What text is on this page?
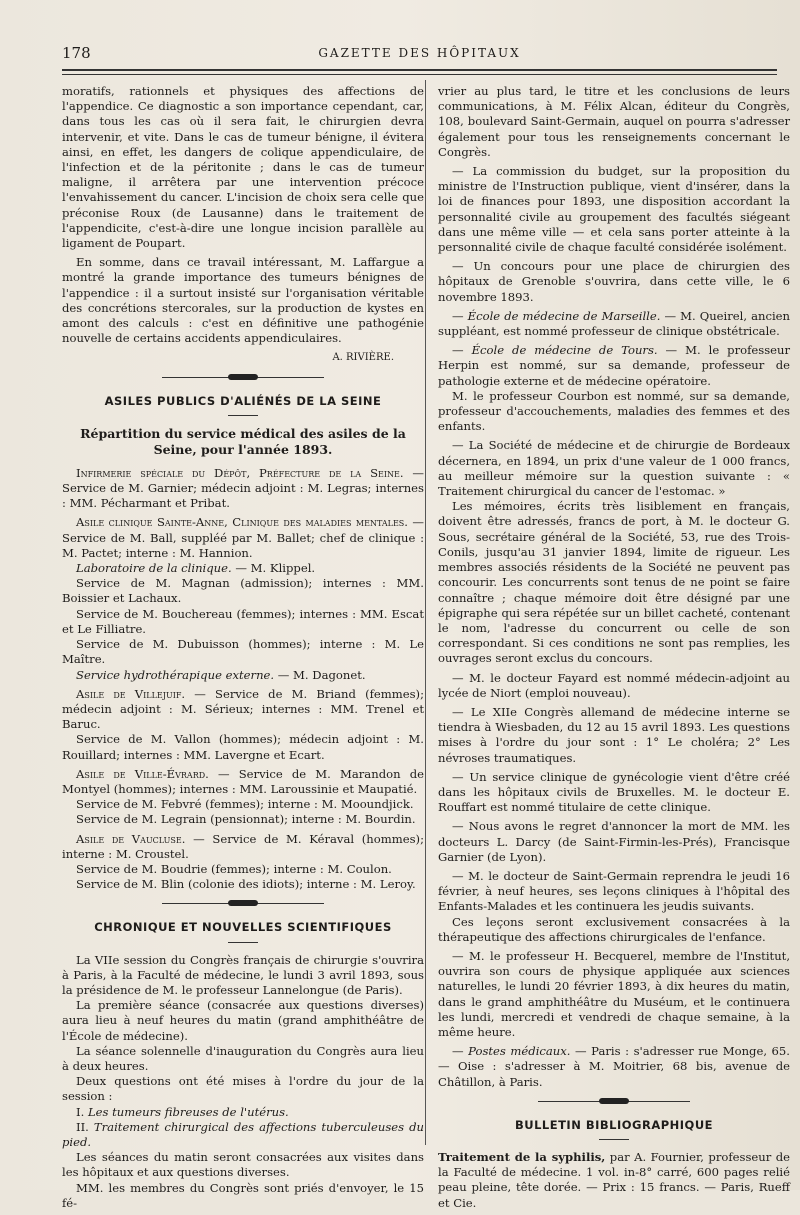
178	GAZETTE DES HÔPITAUX

moratifs, rationnels et physiques des affections de l'appendice. Ce diagnostic a son importance cependant, car, dans tous les cas où il sera fait, le chirurgien devra intervenir, et vite. Dans le cas de tumeur bénigne, il évitera ainsi, en effet, les dangers de colique appendiculaire, de l'infection et de la péritonite ; dans le cas de tumeur maligne, il arrêtera par une intervention précoce l'envahissement du cancer. L'incision de choix sera celle que préconise Roux (de Lausanne) dans le traitement de l'appendicite, c'est-à-dire une longue incision parallèle au ligament de Poupart.

En somme, dans ce travail intéressant, M. Laffargue a montré la grande importance des tumeurs bénignes de l'appendice : il a surtout insisté sur l'organisation véritable des concrétions stercorales, sur la production de kystes en amont des calculs : c'est en définitive une pathogénie nouvelle de certains accidents appendiculaires.

A. RIVIÈRE.
ASILES PUBLICS D'ALIÉNÉS DE LA SEINE
Répartition du service médical des asiles de la Seine, pour l'année 1893.

Infirmerie spéciale du Dépôt, Préfecture de la Seine. — Service de M. Garnier; médecin adjoint : M. Legras; internes : MM. Pécharmant et Pribat.

Asile clinique Sainte-Anne, Clinique des maladies mentales. — Service de M. Ball, suppléé par M. Ballet; chef de clinique : M. Pactet; interne : M. Hannion.

Laboratoire de la clinique. — M. Klippel.

Service de M. Magnan (admission); internes : MM. Boissier et Lachaux.

Service de M. Bouchereau (femmes); internes : MM. Escat et Le Filliatre.

Service de M. Dubuisson (hommes); interne : M. Le Maître.

Service hydrothérapique externe. — M. Dagonet.

Asile de Villejuif. — Service de M. Briand (femmes); médecin adjoint : M. Sérieux; internes : MM. Trenel et Baruc.

Service de M. Vallon (hommes); médecin adjoint : M. Rouillard; internes : MM. Lavergne et Ecart.

Asile de Ville-Évrard. — Service de M. Marandon de Montyel (hommes); internes : MM. Laroussinie et Maupatié.

Service de M. Febvré (femmes); interne : M. Mooundjick.

Service de M. Legrain (pensionnat); interne : M. Bourdin.

Asile de Vaucluse. — Service de M. Kéraval (hommes); interne : M. Croustel.

Service de M. Boudrie (femmes); interne : M. Coulon.

Service de M. Blin (colonie des idiots); interne : M. Leroy.

CHRONIQUE ET NOUVELLES SCIENTIFIQUES

La VIIe session du Congrès français de chirurgie s'ouvrira à Paris, à la Faculté de médecine, le lundi 3 avril 1893, sous la présidence de M. le professeur Lannelongue (de Paris).

La première séance (consacrée aux questions diverses) aura lieu à neuf heures du matin (grand amphithéâtre de l'École de médecine).

La séance solennelle d'inauguration du Congrès aura lieu à deux heures.

Deux questions ont été mises à l'ordre du jour de la session :

I. Les tumeurs fibreuses de l'utérus.

II. Traitement chirurgical des affections tuberculeuses du pied.

Les séances du matin seront consacrées aux visites dans les hôpitaux et aux questions diverses.

MM. les membres du Congrès sont priés d'envoyer, le 15 fé-

vrier au plus tard, le titre et les conclusions de leurs communications, à M. Félix Alcan, éditeur du Congrès, 108, boulevard Saint-Germain, auquel on pourra s'adresser également pour tous les renseignements concernant le Congrès.

— La commission du budget, sur la proposition du ministre de l'Instruction publique, vient d'insérer, dans la loi de finances pour 1893, une disposition accordant la personnalité civile au groupement des facultés siégeant dans une même ville — et cela sans porter atteinte à la personnalité civile de chaque faculté considérée isolément.

— Un concours pour une place de chirurgien des hôpitaux de Grenoble s'ouvrira, dans cette ville, le 6 novembre 1893.

— École de médecine de Marseille. — M. Queirel, ancien suppléant, est nommé professeur de clinique obstétricale.

— École de médecine de Tours. — M. le professeur Herpin est nommé, sur sa demande, professeur de pathologie externe et de médecine opératoire.

M. le professeur Courbon est nommé, sur sa demande, professeur d'accouchements, maladies des femmes et des enfants.

— La Société de médecine et de chirurgie de Bordeaux décernera, en 1894, un prix d'une valeur de 1 000 francs, au meilleur mémoire sur la question suivante : « Traitement chirurgical du cancer de l'estomac. »

Les mémoires, écrits très lisiblement en français, doivent être adressés, francs de port, à M. le docteur G. Sous, secrétaire général de la Société, 53, rue des Trois-Conils, jusqu'au 31 janvier 1894, limite de rigueur. Les membres associés résidents de la Société ne peuvent pas concourir. Les concurrents sont tenus de ne point se faire connaître ; chaque mémoire doit être désigné par une épigraphe qui sera répétée sur un billet cacheté, contenant le nom, l'adresse du concurrent ou celle de son correspondant. Si ces conditions ne sont pas remplies, les ouvrages seront exclus du concours.

— M. le docteur Fayard est nommé médecin-adjoint au lycée de Niort (emploi nouveau).

— Le XIIe Congrès allemand de médecine interne se tiendra à Wiesbaden, du 12 au 15 avril 1893. Les questions mises à l'ordre du jour sont : 1° Le choléra; 2° Les névroses traumatiques.

— Un service clinique de gynécologie vient d'être créé dans les hôpitaux civils de Bruxelles. M. le docteur E. Rouffart est nommé titulaire de cette clinique.

— Nous avons le regret d'annoncer la mort de MM. les docteurs L. Darcy (de Saint-Firmin-les-Prés), Francisque Garnier (de Lyon).

— M. le docteur de Saint-Germain reprendra le jeudi 16 février, à neuf heures, ses leçons cliniques à l'hôpital des Enfants-Malades et les continuera les jeudis suivants.

Ces leçons seront exclusivement consacrées à la thérapeutique des affections chirurgicales de l'enfance.

— M. le professeur H. Becquerel, membre de l'Institut, ouvrira son cours de physique appliquée aux sciences naturelles, le lundi 20 février 1893, à dix heures du matin, dans le grand amphithéâtre du Muséum, et le continuera les lundi, mercredi et vendredi de chaque semaine, à la même heure.

— Postes médicaux. — Paris : s'adresser rue Monge, 65. — Oise : s'adresser à M. Moitrier, 68 bis, avenue de Châtillon, à Paris.

BULLETIN BIBLIOGRAPHIQUE

Traitement de la syphilis, par A. Fournier, professeur de la Faculté de médecine. 1 vol. in-8° carré, 600 pages relié peau pleine, tête dorée. — Prix : 15 francs. — Paris, Rueff et Cie.
